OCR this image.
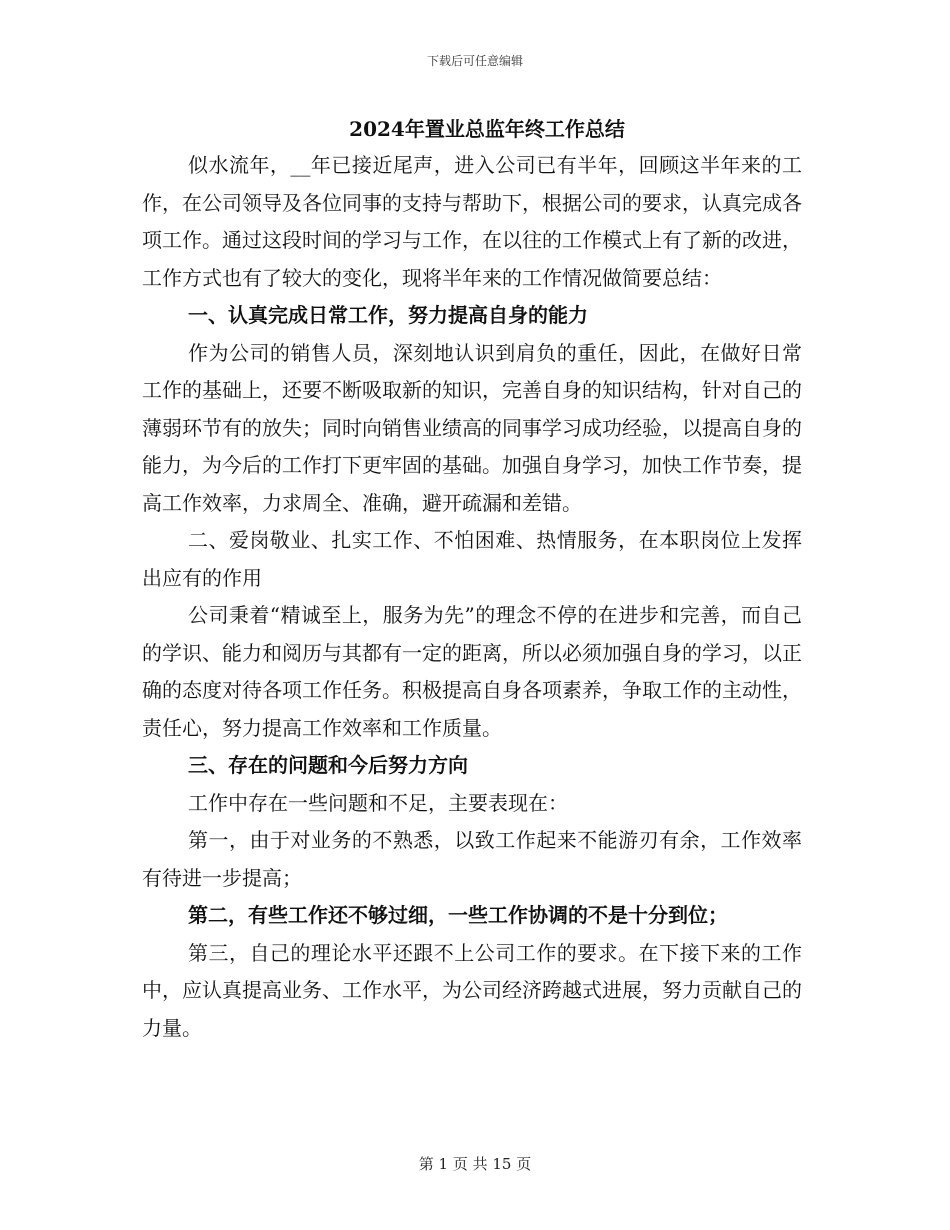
下载后可任意编辑
2024年置业总监年终工作总结

似水流年，__年已接近尾声，进入公司已有半年，回顾这半年来的工作，在公司领导及各位同事的支持与帮助下，根据公司的要求，认真完成各项工作。通过这段时间的学习与工作，在以往的工作模式上有了新的改进，工作方式也有了较大的变化，现将半年来的工作情况做简要总结：

一、认真完成日常工作，努力提高自身的能力

作为公司的销售人员，深刻地认识到肩负的重任，因此，在做好日常工作的基础上，还要不断吸取新的知识，完善自身的知识结构，针对自己的薄弱环节有的放失；同时向销售业绩高的同事学习成功经验，以提高自身的能力，为今后的工作打下更牢固的基础。加强自身学习，加快工作节奏，提高工作效率，力求周全、准确，避开疏漏和差错。

二、爱岗敬业、扎实工作、不怕困难、热情服务，在本职岗位上发挥出应有的作用

公司秉着“精诚至上，服务为先”的理念不停的在进步和完善，而自己的学识、能力和阅历与其都有一定的距离，所以必须加强自身的学习，以正确的态度对待各项工作任务。积极提高自身各项素养，争取工作的主动性，责任心，努力提高工作效率和工作质量。

三、存在的问题和今后努力方向

工作中存在一些问题和不足，主要表现在：

第一，由于对业务的不熟悉，以致工作起来不能游刃有余，工作效率有待进一步提高；

第二，有些工作还不够过细，一些工作协调的不是十分到位；

第三，自己的理论水平还跟不上公司工作的要求。在下接下来的工作中，应认真提高业务、工作水平，为公司经济跨越式进展，努力贡献自己的力量。

第 1 页 共 15 页
